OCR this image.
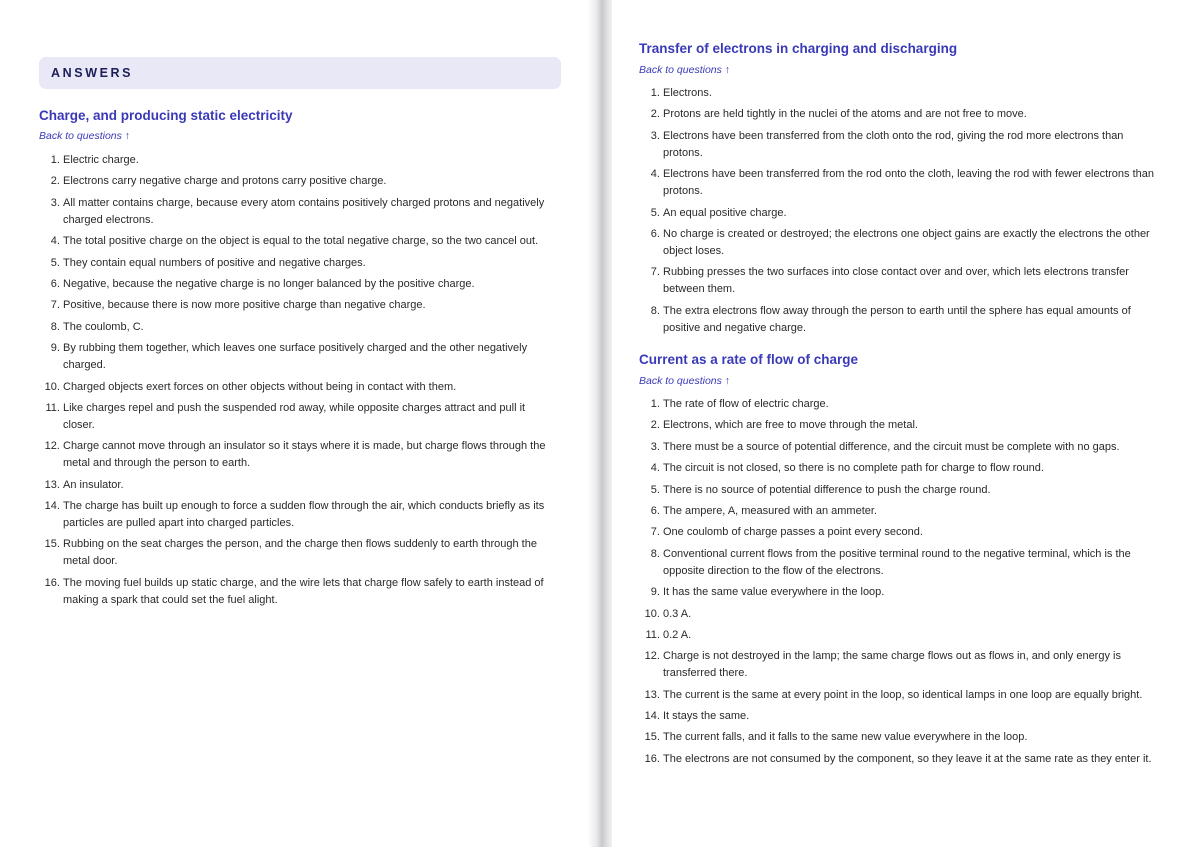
ANSWERS
Charge, and producing static electricity
Back to questions ↑
1. Electric charge.
2. Electrons carry negative charge and protons carry positive charge.
3. All matter contains charge, because every atom contains positively charged protons and negatively charged electrons.
4. The total positive charge on the object is equal to the total negative charge, so the two cancel out.
5. They contain equal numbers of positive and negative charges.
6. Negative, because the negative charge is no longer balanced by the positive charge.
7. Positive, because there is now more positive charge than negative charge.
8. The coulomb, C.
9. By rubbing them together, which leaves one surface positively charged and the other negatively charged.
10. Charged objects exert forces on other objects without being in contact with them.
11. Like charges repel and push the suspended rod away, while opposite charges attract and pull it closer.
12. Charge cannot move through an insulator so it stays where it is made, but charge flows through the metal and through the person to earth.
13. An insulator.
14. The charge has built up enough to force a sudden flow through the air, which conducts briefly as its particles are pulled apart into charged particles.
15. Rubbing on the seat charges the person, and the charge then flows suddenly to earth through the metal door.
16. The moving fuel builds up static charge, and the wire lets that charge flow safely to earth instead of making a spark that could set the fuel alight.
Transfer of electrons in charging and discharging
Back to questions ↑
1. Electrons.
2. Protons are held tightly in the nuclei of the atoms and are not free to move.
3. Electrons have been transferred from the cloth onto the rod, giving the rod more electrons than protons.
4. Electrons have been transferred from the rod onto the cloth, leaving the rod with fewer electrons than protons.
5. An equal positive charge.
6. No charge is created or destroyed; the electrons one object gains are exactly the electrons the other object loses.
7. Rubbing presses the two surfaces into close contact over and over, which lets electrons transfer between them.
8. The extra electrons flow away through the person to earth until the sphere has equal amounts of positive and negative charge.
Current as a rate of flow of charge
Back to questions ↑
1. The rate of flow of electric charge.
2. Electrons, which are free to move through the metal.
3. There must be a source of potential difference, and the circuit must be complete with no gaps.
4. The circuit is not closed, so there is no complete path for charge to flow round.
5. There is no source of potential difference to push the charge round.
6. The ampere, A, measured with an ammeter.
7. One coulomb of charge passes a point every second.
8. Conventional current flows from the positive terminal round to the negative terminal, which is the opposite direction to the flow of the electrons.
9. It has the same value everywhere in the loop.
10. 0.3 A.
11. 0.2 A.
12. Charge is not destroyed in the lamp; the same charge flows out as flows in, and only energy is transferred there.
13. The current is the same at every point in the loop, so identical lamps in one loop are equally bright.
14. It stays the same.
15. The current falls, and it falls to the same new value everywhere in the loop.
16. The electrons are not consumed by the component, so they leave it at the same rate as they enter it.
